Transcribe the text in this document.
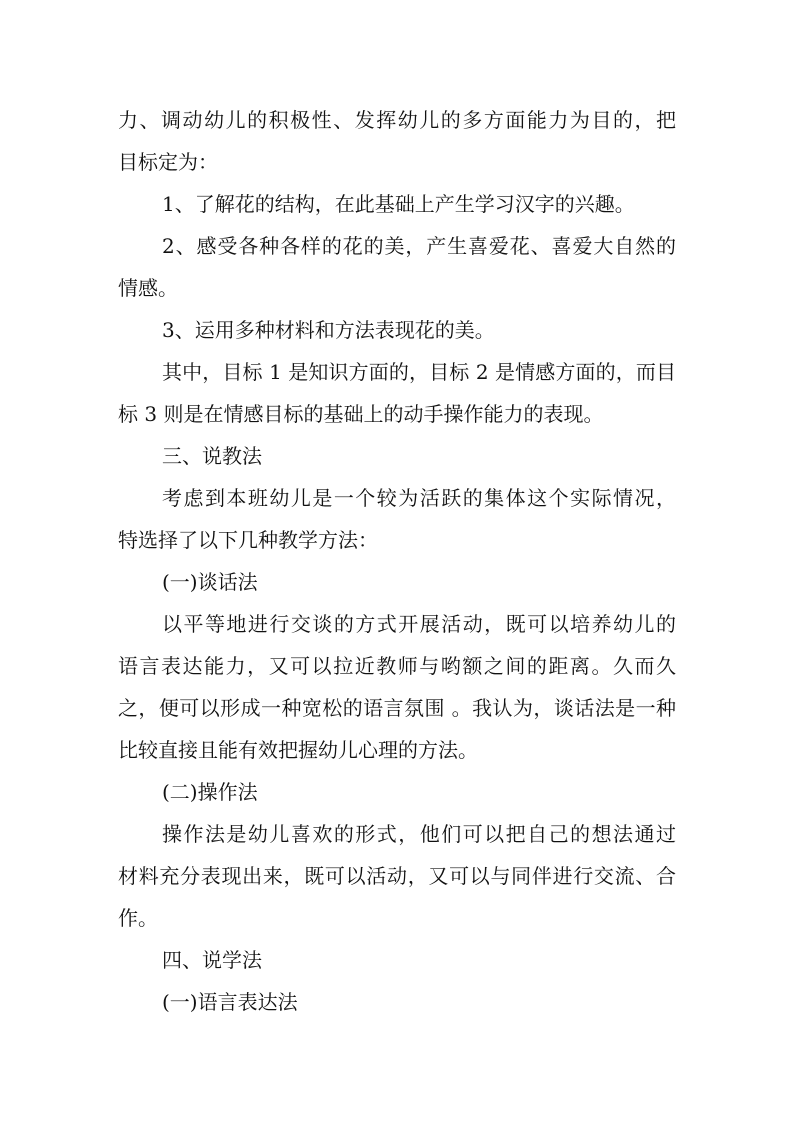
力、调动幼儿的积极性、发挥幼儿的多方面能力为目的，把
目标定为：
1、了解花的结构，在此基础上产生学习汉字的兴趣。
2、感受各种各样的花的美，产生喜爱花、喜爱大自然的
情感。
3、运用多种材料和方法表现花的美。
其中，目标 1 是知识方面的，目标 2 是情感方面的，而目
标 3 则是在情感目标的基础上的动手操作能力的表现。
三、说教法
考虑到本班幼儿是一个较为活跃的集体这个实际情况，
特选择了以下几种教学方法：
(一)谈话法
以平等地进行交谈的方式开展活动，既可以培养幼儿的
语言表达能力，又可以拉近教师与哟额之间的距离。久而久
之，便可以形成一种宽松的语言氛围 。我认为，谈话法是一种
比较直接且能有效把握幼儿心理的方法。
(二)操作法
操作法是幼儿喜欢的形式，他们可以把自己的想法通过
材料充分表现出来，既可以活动，又可以与同伴进行交流、合
作。
四、说学法
(一)语言表达法
